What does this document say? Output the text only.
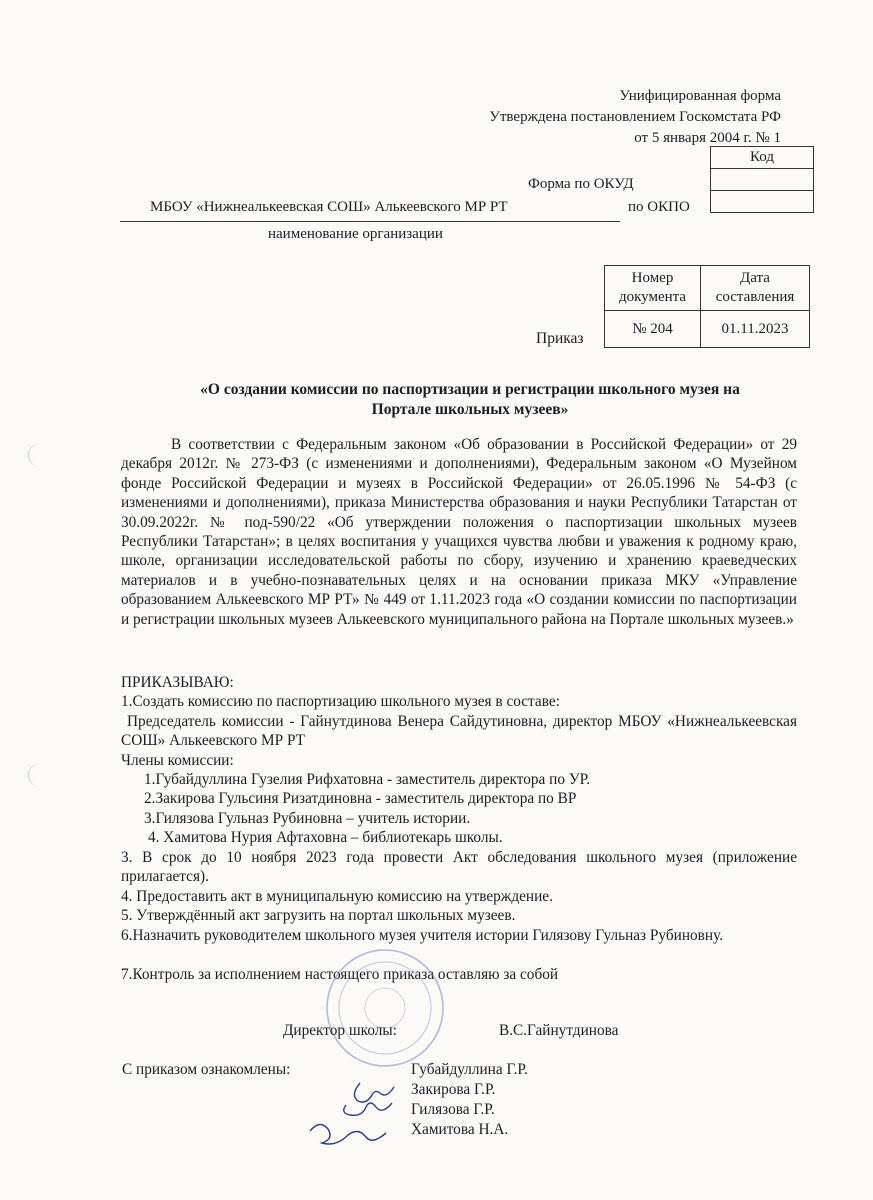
Унифицированная форма
Утверждена постановлением Госкомстата РФ
от 5 января 2004 г. № 1
Код

Форма по ОКУД
по ОКПО
МБОУ «Нижнеалькеевская СОШ» Алькеевского МР РТ
наименование организации
Номер документа	Дата составления
№ 204	01.11.2023
Приказ
«О создании комиссии по паспортизации и регистрации школьного музея на
Портале школьных музеев»
В соответствии с Федеральным законом «Об образовании в Российской Федерации» от 29 декабря 2012г. № 273-ФЗ (с изменениями и дополнениями), Федеральным законом «О Музейном фонде Российской Федерации и музеях в Российской Федерации» от 26.05.1996 № 54-ФЗ (с изменениями и дополнениями), приказа Министерства образования и науки Республики Татарстан от 30.09.2022г. № под-590/22 «Об утверждении положения о паспортизации школьных музеев Республики Татарстан»; в целях воспитания у учащихся чувства любви и уважения к родному краю, школе, организации исследовательской работы по сбору, изучению и хранению краеведческих материалов и в учебно-познавательных целях и на основании приказа МКУ «Управление образованием Алькеевского МР РТ» № 449 от 1.11.2023 года «О создании комиссии по паспортизации и регистрации школьных музеев Алькеевского муниципального района на Портале школьных музеев.»
ПРИКАЗЫВАЮ:
1.Создать комиссию по паспортизацию школьного музея в составе:
Председатель комиссии - Гайнутдинова Венера Сайдутиновна, директор МБОУ «Нижнеалькеевская СОШ» Алькеевского МР РТ
Члены комиссии:
1.Губайдуллина Гузелия Рифхатовна - заместитель директора по УР.
2.Закирова Гульсиня Ризатдиновна - заместитель директора по ВР
3.Гилязова Гульназ Рубиновна – учитель истории.
4. Хамитова Нурия Афтаховна – библиотекарь школы.
3. В срок до 10 ноября 2023 года провести Акт обследования школьного музея (приложение прилагается).
4. Предоставить акт в муниципальную комиссию на утверждение.
5. Утверждённый акт загрузить на портал школьных музеев.
6.Назначить руководителем школьного музея учителя истории Гилязову Гульназ Рубиновну.
7.Контроль за исполнением настоящего приказа оставляю за собой
Директор школы:	В.С.Гайнутдинова
С приказом ознакомлены:	Губайдуллина Г.Р.
Закирова Г.Р.
Гилязова Г.Р.
Хамитова Н.А.
